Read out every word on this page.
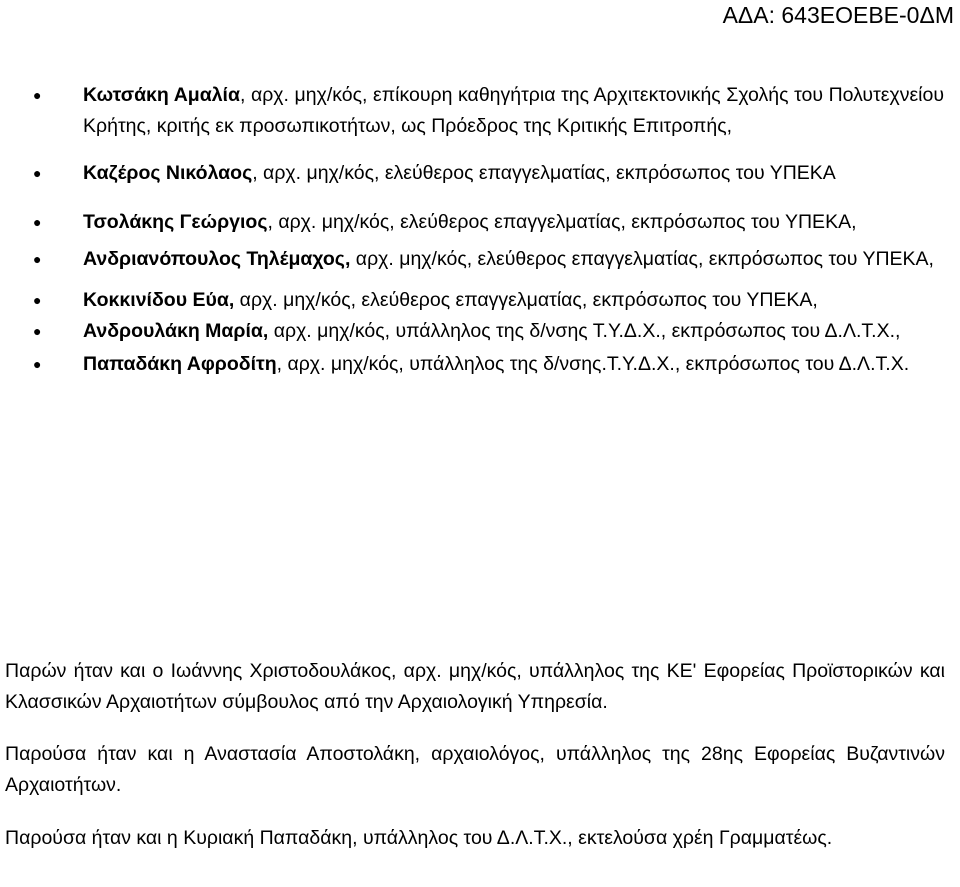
ΑΔΑ: 643ΕΟΕΒΕ-0ΔΜ
● Κωτσάκη Αμαλία, αρχ. μηχ/κός, επίκουρη καθηγήτρια της Αρχιτεκτονικής Σχολής του Πολυτεχνείου Κρήτης, κριτής εκ προσωπικοτήτων, ως Πρόεδρος της Κριτικής Επιτροπής,
● Καζέρος Νικόλαος, αρχ. μηχ/κός, ελεύθερος επαγγελματίας, εκπρόσωπος του ΥΠΕΚΑ
● Τσολάκης Γεώργιος, αρχ. μηχ/κός, ελεύθερος επαγγελματίας, εκπρόσωπος του ΥΠΕΚΑ,
● Ανδριανόπουλος Τηλέμαχος, αρχ. μηχ/κός, ελεύθερος επαγγελματίας, εκπρόσωπος του ΥΠΕΚΑ,
● Κοκκινίδου Εύα, αρχ. μηχ/κός, ελεύθερος επαγγελματίας, εκπρόσωπος του ΥΠΕΚΑ,
● Ανδρουλάκη Μαρία, αρχ. μηχ/κός, υπάλληλος της δ/νσης Τ.Υ.Δ.Χ., εκπρόσωπος του Δ.Λ.Τ.Χ.,
● Παπαδάκη Αφροδίτη, αρχ. μηχ/κός, υπάλληλος της δ/νσης.Τ.Υ.Δ.Χ., εκπρόσωπος του Δ.Λ.Τ.Χ.

Παρών ήταν και ο Ιωάννης Χριστοδουλάκος, αρχ. μηχ/κός, υπάλληλος της ΚΕ' Εφορείας Προϊστορικών και Κλασσικών Αρχαιοτήτων σύμβουλος από την Αρχαιολογική Υπηρεσία.

Παρούσα ήταν και η Αναστασία Αποστολάκη, αρχαιολόγος, υπάλληλος της 28ης Εφορείας Βυζαντινών Αρχαιοτήτων.

Παρούσα ήταν και η Κυριακή Παπαδάκη, υπάλληλος του Δ.Λ.Τ.Χ., εκτελούσα χρέη Γραμματέως.
